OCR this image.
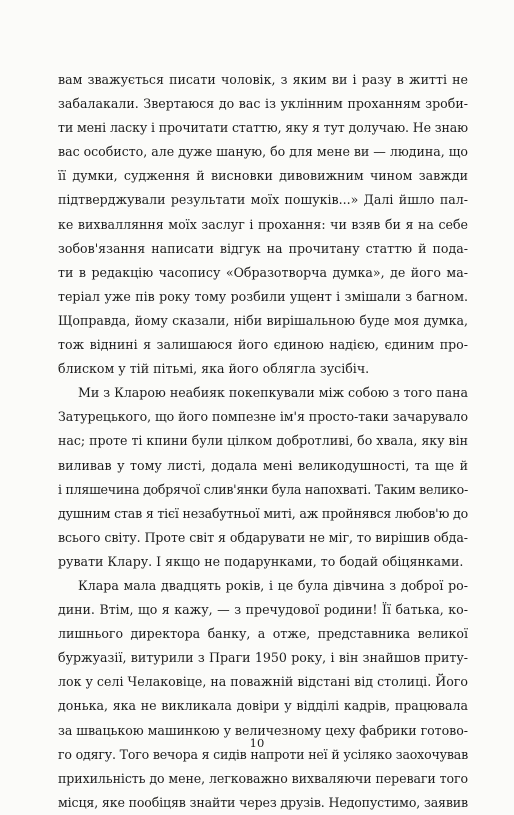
вам зважується писати чоловік, з яким ви і разу в житті не
забалакали. Звертаюся до вас із уклінним проханням зроби-
ти мені ласку і прочитати статтю, яку я тут долучаю. Не знаю
вас особисто, але дуже шаную, бо для мене ви — людина, що
її думки, судження й висновки дивовижним чином завжди
підтверджували результати моїх пошуків...» Далі йшло пал-
ке вихвалляння моїх заслуг і прохання: чи взяв би я на себе
зобов'язання написати відгук на прочитану статтю й пода-
ти в редакцію часопису «Образотворча думка», де його ма-
теріал уже пів року тому розбили ущент і змішали з багном.
Щоправда, йому сказали, ніби вирішальною буде моя думка,
тож віднині я залишаюся його єдиною надією, єдиним про-
блиском у тій пітьмі, яка його облягла зусібіч.
Ми з Кларою неабияк покепкували між собою з того пана
Затурецького, що його помпезне ім'я просто-таки зачарувало
нас; проте ті кпини були цілком добротливі, бо хвала, яку він
виливав у тому листі, додала мені великодушності, та ще й
і пляшечина добрячої слив'янки була напохваті. Таким велико-
душним став я тієї незабутньої миті, аж пройнявся любов'ю до
всього світу. Проте світ я обдарувати не міг, то вирішив обда-
рувати Клару. І якщо не подарунками, то бодай обіцянками.
Клара мала двадцять років, і це була дівчина з доброї ро-
дини. Втім, що я кажу, — з пречудової родини! Її батька, ко-
лишнього директора банку, а отже, представника великої
буржуазії, витурили з Праги 1950 року, і він знайшов приту-
лок у селі Челаковіце, на поважній відстані від столиці. Його
донька, яка не викликала довіри у відділі кадрів, працювала
за швацькою машинкою у величезному цеху фабрики готово-
го одягу. Того вечора я сидів напроти неї й усіляко заохочував
прихильність до мене, легковажно вихваляючи переваги того
місця, яке пообіцяв знайти через друзів. Недопустимо, заявив
10
